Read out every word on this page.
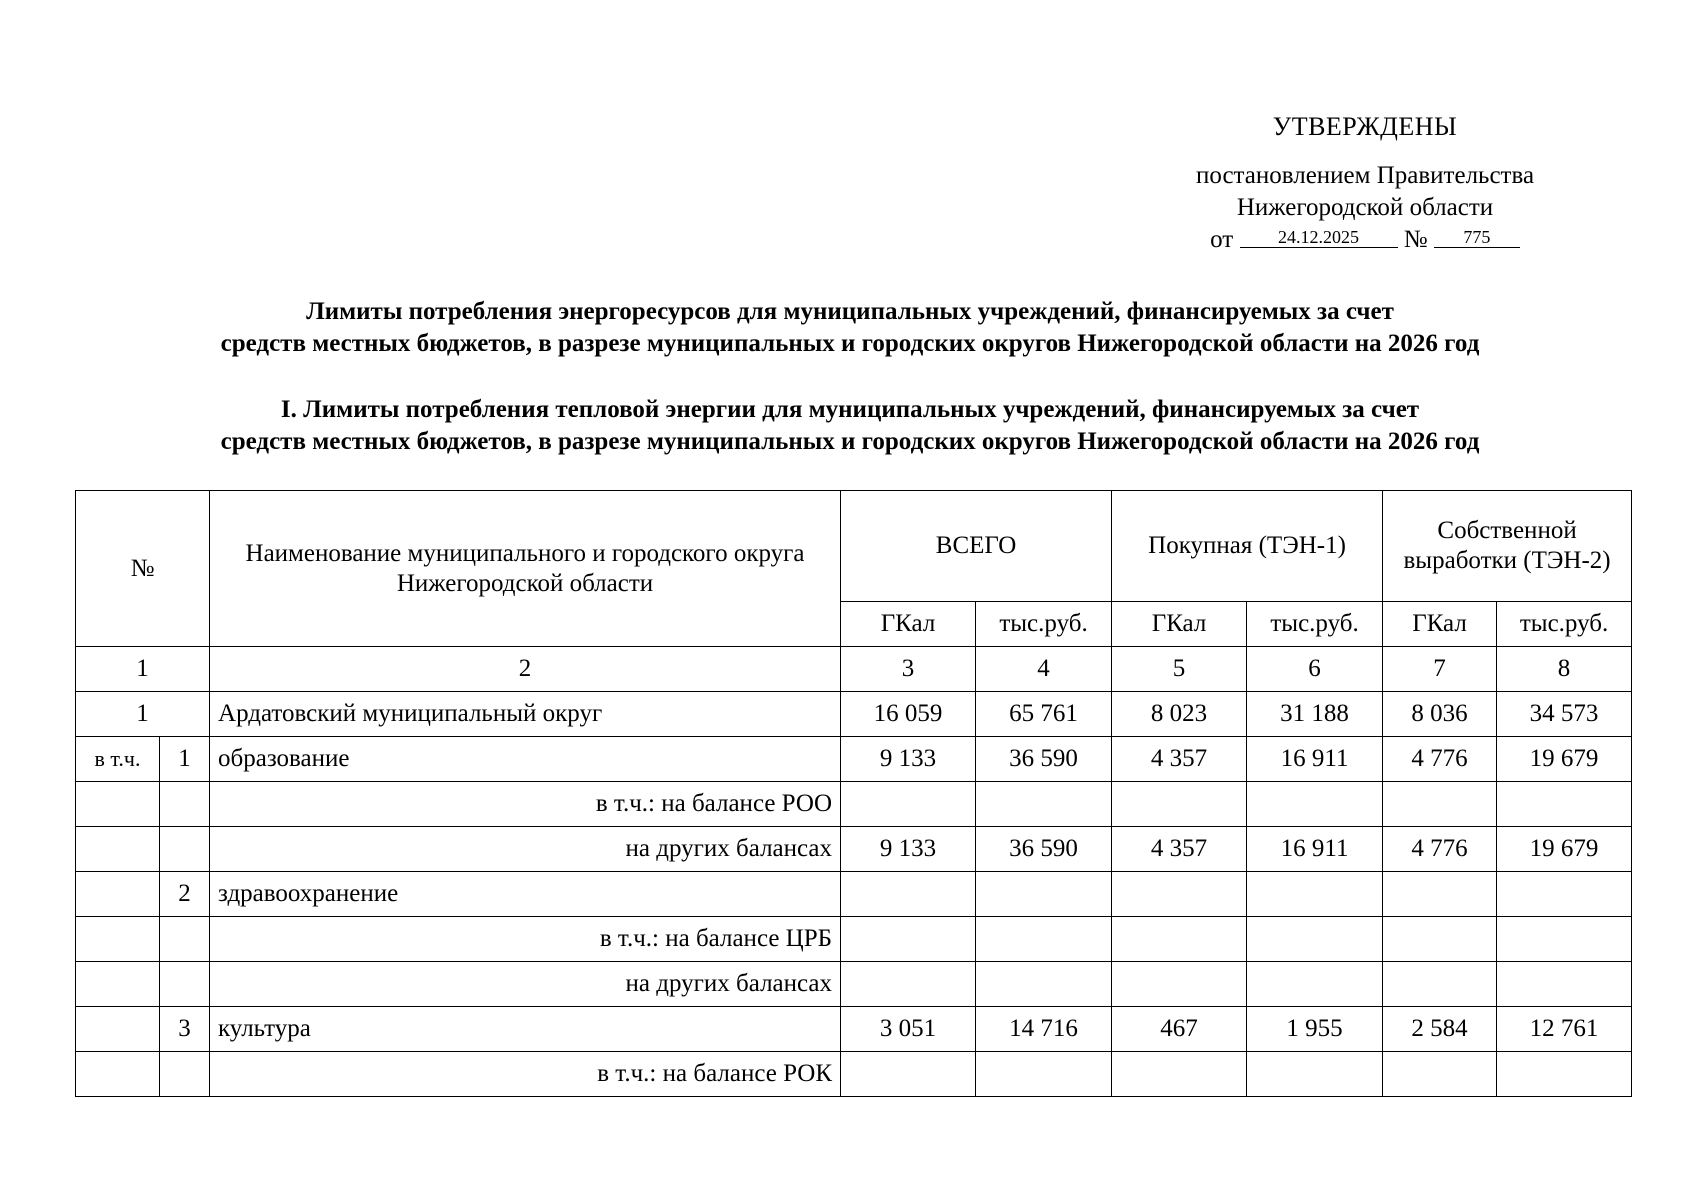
УТВЕРЖДЕНЫ
постановлением Правительства
Нижегородской области
от 24.12.2025 № 775
Лимиты потребления энергоресурсов для муниципальных учреждений, финансируемых за счет
средств местных бюджетов, в разрезе муниципальных и городских округов Нижегородской области на 2026 год
I. Лимиты потребления тепловой энергии для муниципальных учреждений, финансируемых за счет
средств местных бюджетов, в разрезе муниципальных и городских округов Нижегородской области на 2026 год
№		Наименование муниципального и городского округа Нижегородской области	ВСЕГО		Покупная (ТЭН-1)		Собственной выработки (ТЭН-2)	
			ГКал	тыс.руб.	ГКал	тыс.руб.	ГКал	тыс.руб.
1		2	3	4	5	6	7	8
1		Ардатовский муниципальный округ	16 059	65 761	8 023	31 188	8 036	34 573
в т.ч.	1	образование	9 133	36 590	4 357	16 911	4 776	19 679
		в т.ч.: на балансе РОО						
		на других балансах	9 133	36 590	4 357	16 911	4 776	19 679
	2	здравоохранение						
		в т.ч.: на балансе ЦРБ						
		на других балансах						
	3	культура	3 051	14 716	467	1 955	2 584	12 761
		в т.ч.: на балансе РОК						
